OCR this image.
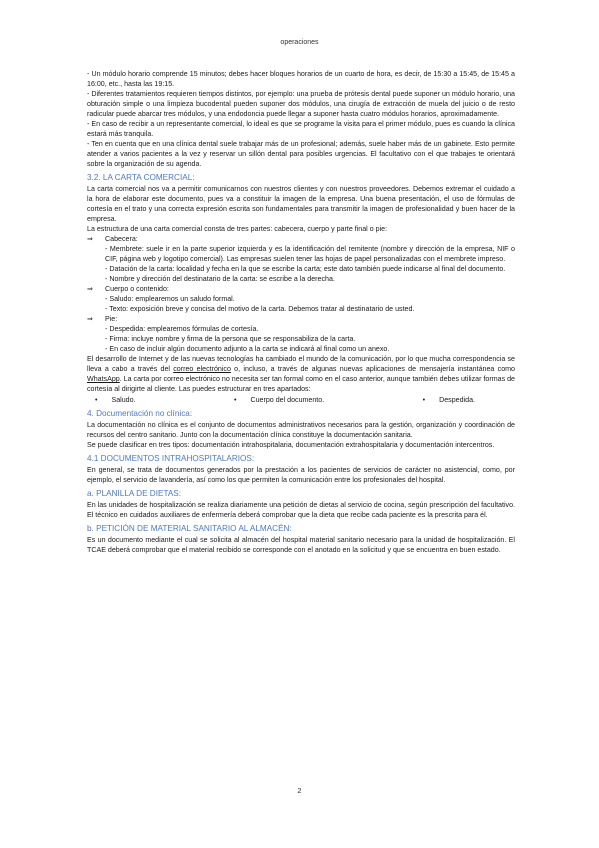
operaciones

- Un módulo horario comprende 15 minutos; debes hacer bloques horarios de un cuarto de hora, es decir, de 15:30 a 15:45, de 15:45 a 16:00, etc., hasta las 19:15.

- Diferentes tratamientos requieren tiempos distintos, por ejemplo: una prueba de prótesis dental puede suponer un módulo horario, una obturación simple o una limpieza bucodental pueden suponer dos módulos, una cirugía de extracción de muela del juicio o de resto radicular puede abarcar tres módulos, y una endodoncia puede llegar a suponer hasta cuatro módulos horarios, aproximadamente.

- En caso de recibir a un representante comercial, lo ideal es que se programe la visita para el primer módulo, pues es cuando la clínica estará más tranquila.

- Ten en cuenta que en una clínica dental suele trabajar más de un profesional; además, suele haber más de un gabinete. Esto permite atender a varios pacientes a la vez y reservar un sillón dental para posibles urgencias. El facultativo con el que trabajes te orientará sobre la organización de su agenda.

3.2. LA CARTA COMERCIAL:

La carta comercial nos va a permitir comunicarnos con nuestros clientes y con nuestros proveedores. Debemos extremar el cuidado a la hora de elaborar este documento, pues va a constituir la imagen de la empresa. Una buena presentación, el uso de fórmulas de cortesía en el trato y una correcta expresión escrita son fundamentales para transmitir la imagen de profesionalidad y buen hacer de la empresa.

La estructura de una carta comercial consta de tres partes: cabecera, cuerpo y parte final o pie:

⇒	Cabecera:

- Membrete: suele ir en la parte superior izquierda y es la identificación del remitente (nombre y dirección de la empresa, NIF o CIF, página web y logotipo comercial). Las empresas suelen tener las hojas de papel personalizadas con el membrete impreso.

- Datación de la carta: localidad y fecha en la que se escribe la carta; este dato también puede indicarse al final del documento.

- Nombre y dirección del destinatario de la carta: se escribe a la derecha.

⇒	Cuerpo o contenido:

- Saludo: emplearemos un saludo formal.

- Texto: exposición breve y concisa del motivo de la carta. Debemos tratar al destinatario de usted.

⇒	Pie:

- Despedida: emplearemos fórmulas de cortesía.

- Firma: incluye nombre y firma de la persona que se responsabiliza de la carta.

- En caso de incluir algún documento adjunto a la carta se indicará al final como un anexo.

El desarrollo de Internet y de las nuevas tecnologías ha cambiado el mundo de la comunicación, por lo que mucha correspondencia se lleva a cabo a través del correo electrónico o, incluso, a través de algunas nuevas aplicaciones de mensajería instantánea como WhatsApp. La carta por correo electrónico no necesita ser tan formal como en el caso anterior, aunque también debes utilizar formas de cortesía al dirigirte al cliente. Las puedes estructurar en tres apartados:

• Saludo.	• Cuerpo del documento.	• Despedida.
4. Documentación no clínica:

La documentación no clínica es el conjunto de documentos administrativos necesarios para la gestión, organización y coordinación de recursos del centro sanitario. Junto con la documentación clínica constituye la documentación sanitaria.

Se puede clasificar en tres tipos: documentación intrahospitalaria, documentación extrahospitalaria y documentación intercentros.

4.1 DOCUMENTOS INTRAHOSPITALARIOS:

En general, se trata de documentos generados por la prestación a los pacientes de servicios de carácter no asistencial, como, por ejemplo, el servicio de lavandería, así como los que permiten la comunicación entre los profesionales del hospital.

a. PLANILLA DE DIETAS:

En las unidades de hospitalización se realiza diariamente una petición de dietas al servicio de cocina, según prescripción del facultativo. El técnico en cuidados auxiliares de enfermería deberá comprobar que la dieta que recibe cada paciente es la prescrita para él.

b. PETICIÓN DE MATERIAL SANITARIO AL ALMACÉN:

Es un documento mediante el cual se solicita al almacén del hospital material sanitario necesario para la unidad de hospitalización. El TCAE deberá comprobar que el material recibido se corresponde con el anotado en la solicitud y que se encuentra en buen estado.

2
